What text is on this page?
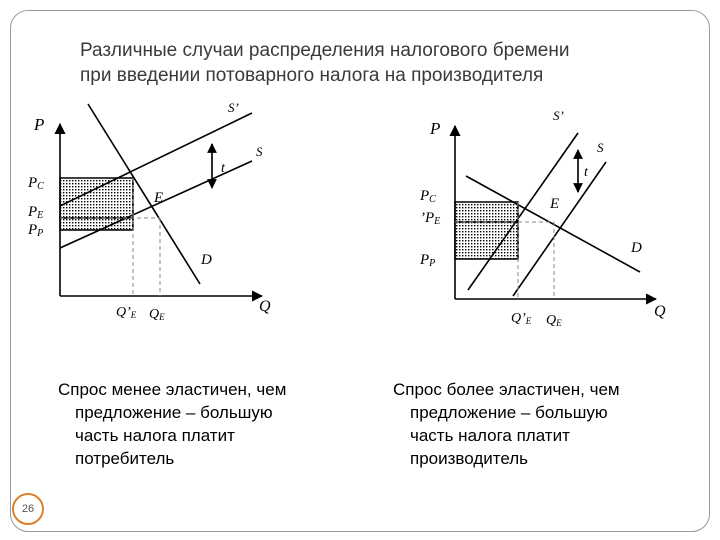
Различные случаи распределения налогового бремени
при введении потоварного налога на производителя
P
Q
S’
S
D
E
t
PC
PE
PP
Q’E QE
P
Q
S’
S
D
E
t
PC
’PE
PP
Q’E QE
Спрос менее эластичен, чем
предложение – большую
часть налога платит
потребитель
Спрос более эластичен, чем
предложение – большую
часть налога платит
производитель
26
